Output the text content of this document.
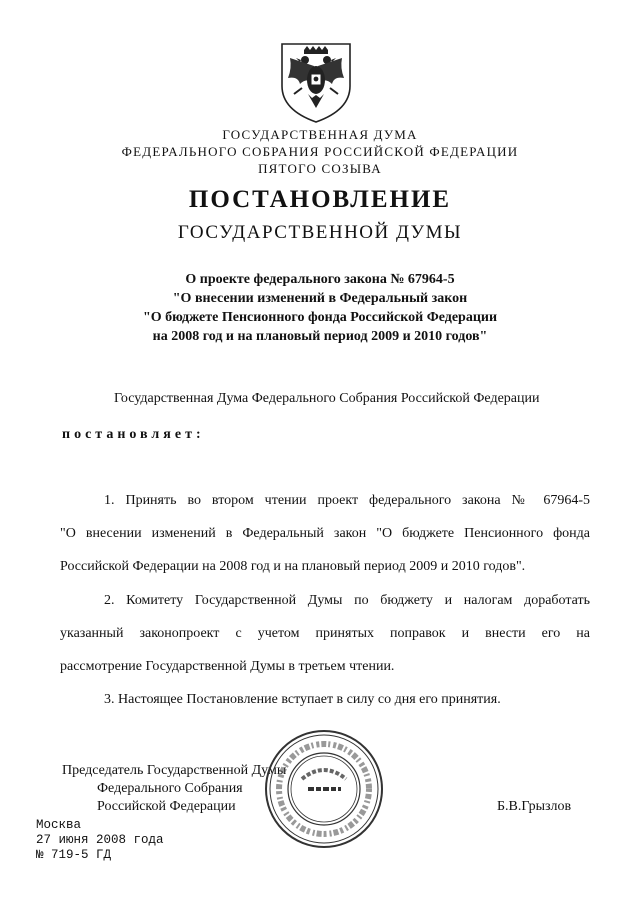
ГОСУДАРСТВЕННАЯ ДУМА
ФЕДЕРАЛЬНОГО СОБРАНИЯ РОССИЙСКОЙ ФЕДЕРАЦИИ
ПЯТОГО СОЗЫВА
ПОСТАНОВЛЕНИЕ
ГОСУДАРСТВЕННОЙ ДУМЫ
О проекте федерального закона № 67964-5
"О внесении изменений в Федеральный закон
"О бюджете Пенсионного фонда Российской Федерации
на 2008 год и на плановый период 2009 и 2010 годов"
Государственная Дума Федерального Собрания Российской Федерации
постановляет:
1. Принять во втором чтении проект федерального закона № 67964-5
"О внесении изменений в Федеральный закон "О бюджете Пенсионного фонда
Российской Федерации на 2008 год и на плановый период 2009 и 2010 годов".
2. Комитету Государственной Думы по бюджету и налогам доработать
указанный законопроект с учетом принятых поправок и внести его на
рассмотрение Государственной Думы в третьем чтении.
3. Настоящее Постановление вступает в силу со дня его принятия.
Председатель Государственной Думы
Федерального Собрания
Российской Федерации	Б.В.Грызлов
Москва
27 июня 2008 года
№ 719-5 ГД
